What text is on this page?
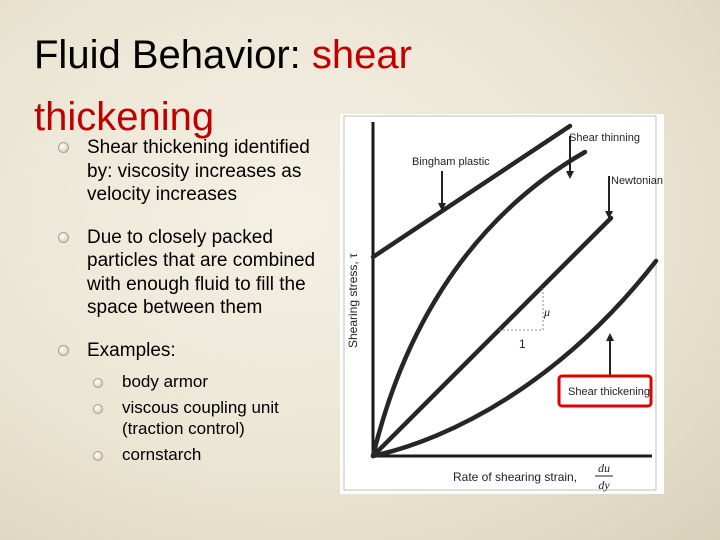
Fluid Behavior: shear thickening
Shear thickening identified by: viscosity increases as velocity increases
Due to closely packed particles that are combined with enough fluid to fill the space between them
Examples:
body armor
viscous coupling unit (traction control)
cornstarch
Bingham plastic
Shear thinning
Newtonian
Shear thickening
μ
1
Shearing stress, τ
Rate of shearing strain,
du
dy
